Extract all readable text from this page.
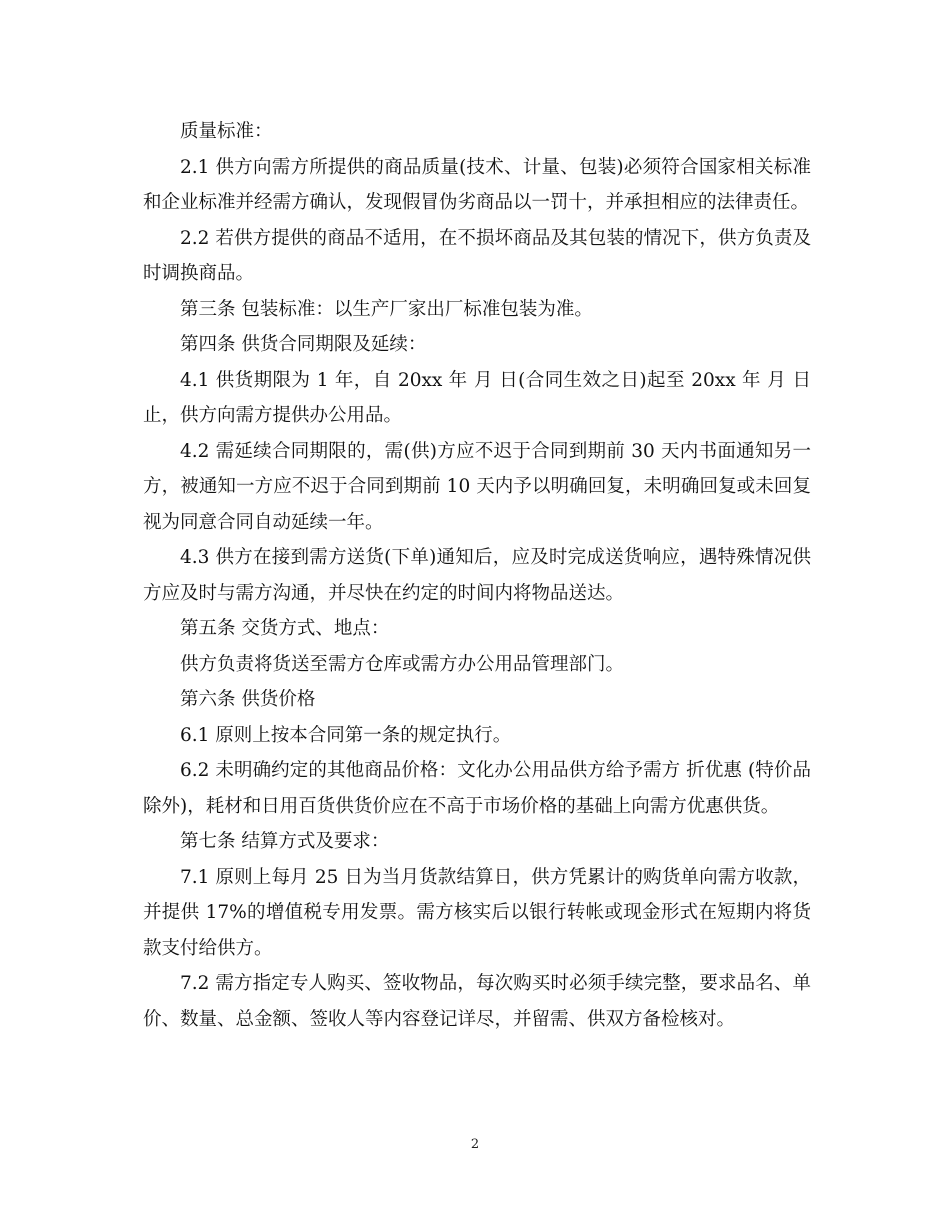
质量标准：

2.1 供方向需方所提供的商品质量(技术、计量、包装)必须符合国家相关标准和企业标准并经需方确认，发现假冒伪劣商品以一罚十，并承担相应的法律责任。

2.2 若供方提供的商品不适用，在不损坏商品及其包装的情况下，供方负责及时调换商品。

第三条 包装标准：以生产厂家出厂标准包装为准。

第四条 供货合同期限及延续：

4.1 供货期限为 1 年，自 20xx 年 月 日(合同生效之日)起至 20xx 年 月 日止，供方向需方提供办公用品。

4.2 需延续合同期限的，需(供)方应不迟于合同到期前 30 天内书面通知另一方，被通知一方应不迟于合同到期前 10 天内予以明确回复，未明确回复或未回复视为同意合同自动延续一年。

4.3 供方在接到需方送货(下单)通知后，应及时完成送货响应，遇特殊情况供方应及时与需方沟通，并尽快在约定的时间内将物品送达。

第五条 交货方式、地点：

供方负责将货送至需方仓库或需方办公用品管理部门。

第六条 供货价格

6.1 原则上按本合同第一条的规定执行。

6.2 未明确约定的其他商品价格：文化办公用品供方给予需方 折优惠 (特价品除外)，耗材和日用百货供货价应在不高于市场价格的基础上向需方优惠供货。

第七条 结算方式及要求：

7.1 原则上每月 25 日为当月货款结算日，供方凭累计的购货单向需方收款，并提供 17%的增值税专用发票。需方核实后以银行转帐或现金形式在短期内将货款支付给供方。

7.2 需方指定专人购买、签收物品，每次购买时必须手续完整，要求品名、单价、数量、总金额、签收人等内容登记详尽，并留需、供双方备检核对。

2
